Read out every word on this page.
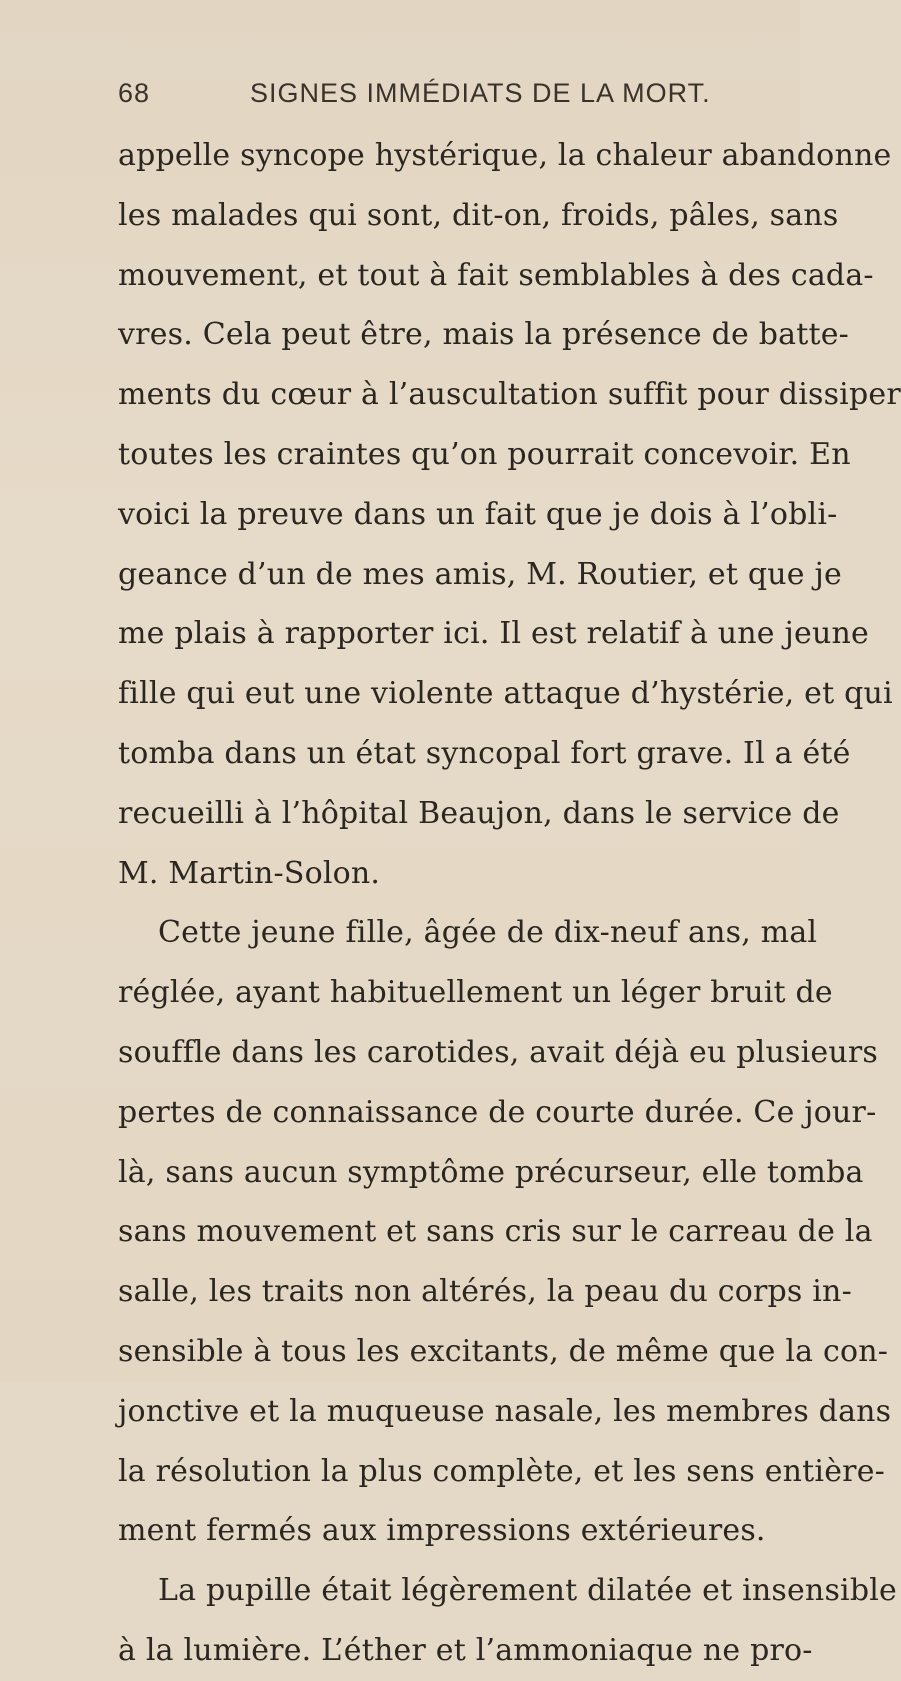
68	SIGNES IMMÉDIATS DE LA MORT.
appelle syncope hystérique, la chaleur abandonne
les malades qui sont, dit-on, froids, pâles, sans
mouvement, et tout à fait semblables à des cada-
vres. Cela peut être, mais la présence de batte-
ments du cœur à l’auscultation suffit pour dissiper
toutes les craintes qu’on pourrait concevoir. En
voici la preuve dans un fait que je dois à l’obli-
geance d’un de mes amis, M. Routier, et que je
me plais à rapporter ici. Il est relatif à une jeune
fille qui eut une violente attaque d’hystérie, et qui
tomba dans un état syncopal fort grave. Il a été
recueilli à l’hôpital Beaujon, dans le service de
M. Martin-Solon.
Cette jeune fille, âgée de dix-neuf ans, mal
réglée, ayant habituellement un léger bruit de
souffle dans les carotides, avait déjà eu plusieurs
pertes de connaissance de courte durée. Ce jour-
là, sans aucun symptôme précurseur, elle tomba
sans mouvement et sans cris sur le carreau de la
salle, les traits non altérés, la peau du corps in-
sensible à tous les excitants, de même que la con-
jonctive et la muqueuse nasale, les membres dans
la résolution la plus complète, et les sens entière-
ment fermés aux impressions extérieures.
La pupille était légèrement dilatée et insensible
à la lumière. L’éther et l’ammoniaque ne pro-
